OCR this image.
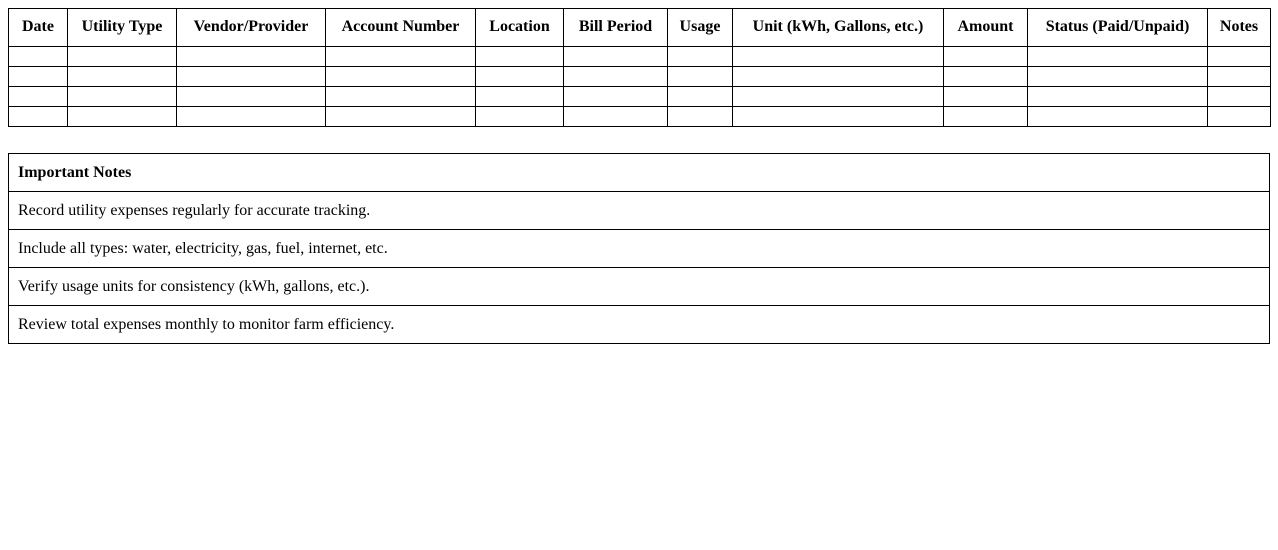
Date	Utility Type	Vendor/Provider	Account Number	Location	Bill Period	Usage	Unit (kWh, Gallons, etc.)	Amount	Status (Paid/Unpaid)	Notes

Important Notes
Record utility expenses regularly for accurate tracking.
Include all types: water, electricity, gas, fuel, internet, etc.
Verify usage units for consistency (kWh, gallons, etc.).
Review total expenses monthly to monitor farm efficiency.
